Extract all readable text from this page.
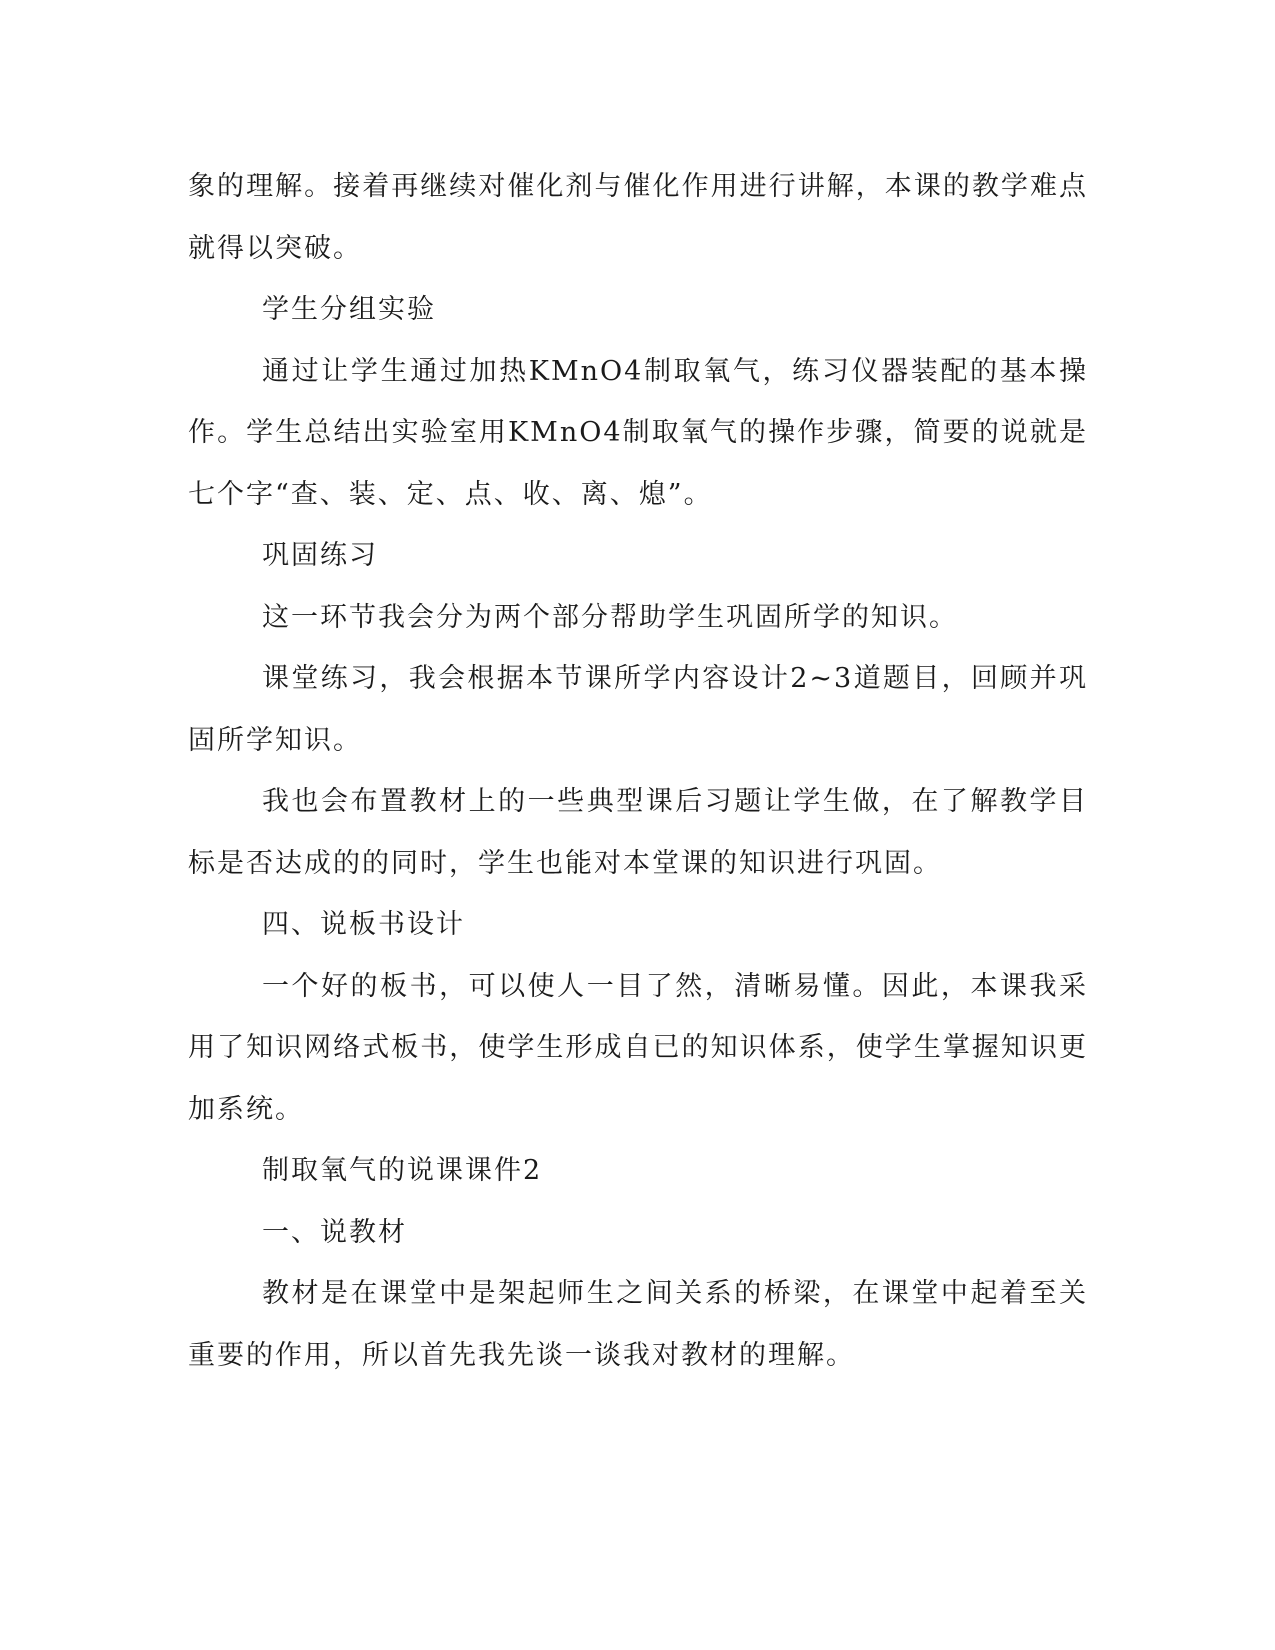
象的理解。接着再继续对催化剂与催化作用进行讲解，本课的教学难点就得以突破。

学生分组实验

通过让学生通过加热KMnO4制取氧气，练习仪器装配的基本操作。学生总结出实验室用KMnO4制取氧气的操作步骤，简要的说就是七个字“查、装、定、点、收、离、熄”。

巩固练习

这一环节我会分为两个部分帮助学生巩固所学的知识。

课堂练习，我会根据本节课所学内容设计2~3道题目，回顾并巩固所学知识。

我也会布置教材上的一些典型课后习题让学生做，在了解教学目标是否达成的的同时，学生也能对本堂课的知识进行巩固。

四、说板书设计

一个好的板书，可以使人一目了然，清晰易懂。因此，本课我采用了知识网络式板书，使学生形成自已的知识体系，使学生掌握知识更加系统。

制取氧气的说课课件2

一、说教材

教材是在课堂中是架起师生之间关系的桥梁，在课堂中起着至关重要的作用，所以首先我先谈一谈我对教材的理解。
